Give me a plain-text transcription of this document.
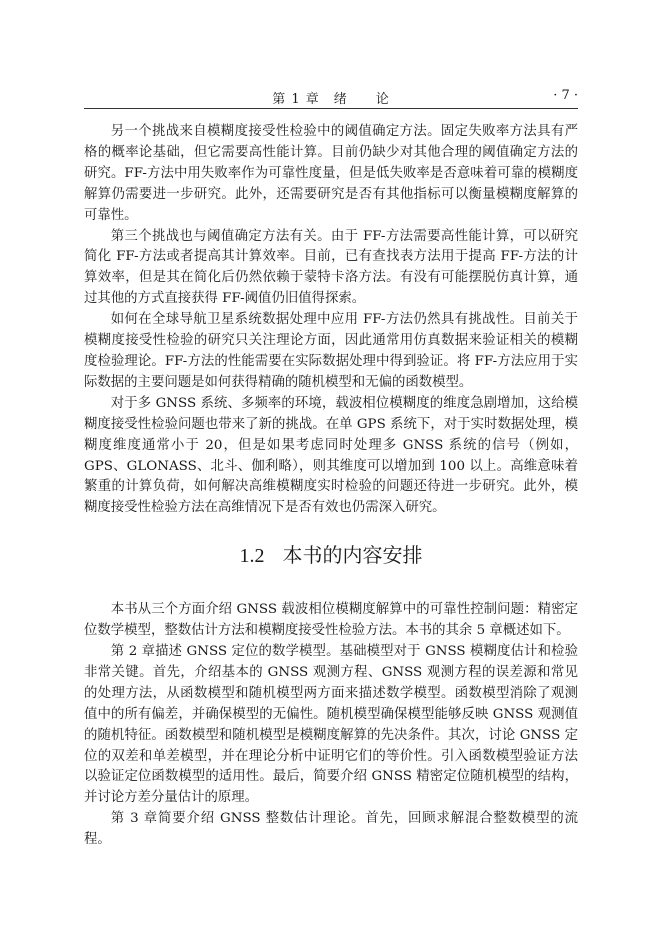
第 1 章　绪　　论	· 7 ·

另一个挑战来自模糊度接受性检验中的阈值确定方法。固定失败率方法具有严格的概率论基础，但它需要高性能计算。目前仍缺少对其他合理的阈值确定方法的研究。FF-方法中用失败率作为可靠性度量，但是低失败率是否意味着可靠的模糊度解算仍需要进一步研究。此外，还需要研究是否有其他指标可以衡量模糊度解算的可靠性。

第三个挑战也与阈值确定方法有关。由于 FF-方法需要高性能计算，可以研究简化 FF-方法或者提高其计算效率。目前，已有查找表方法用于提高 FF-方法的计算效率，但是其在简化后仍然依赖于蒙特卡洛方法。有没有可能摆脱仿真计算，通过其他的方式直接获得 FF-阈值仍旧值得探索。

如何在全球导航卫星系统数据处理中应用 FF-方法仍然具有挑战性。目前关于模糊度接受性检验的研究只关注理论方面，因此通常用仿真数据来验证相关的模糊度检验理论。FF-方法的性能需要在实际数据处理中得到验证。将 FF-方法应用于实际数据的主要问题是如何获得精确的随机模型和无偏的函数模型。

对于多 GNSS 系统、多频率的环境，载波相位模糊度的维度急剧增加，这给模糊度接受性检验问题也带来了新的挑战。在单 GPS 系统下，对于实时数据处理，模糊度维度通常小于 20，但是如果考虑同时处理多 GNSS 系统的信号（例如，GPS、GLONASS、北斗、伽利略），则其维度可以增加到 100 以上。高维意味着繁重的计算负荷，如何解决高维模糊度实时检验的问题还待进一步研究。此外，模糊度接受性检验方法在高维情况下是否有效也仍需深入研究。

1.2 本书的内容安排

本书从三个方面介绍 GNSS 载波相位模糊度解算中的可靠性控制问题：精密定位数学模型，整数估计方法和模糊度接受性检验方法。本书的其余 5 章概述如下。

第 2 章描述 GNSS 定位的数学模型。基础模型对于 GNSS 模糊度估计和检验非常关键。首先，介绍基本的 GNSS 观测方程、GNSS 观测方程的误差源和常见的处理方法，从函数模型和随机模型两方面来描述数学模型。函数模型消除了观测值中的所有偏差，并确保模型的无偏性。随机模型确保模型能够反映 GNSS 观测值的随机特征。函数模型和随机模型是模糊度解算的先决条件。其次，讨论 GNSS 定位的双差和单差模型，并在理论分析中证明它们的等价性。引入函数模型验证方法以验证定位函数模型的适用性。最后，简要介绍 GNSS 精密定位随机模型的结构，并讨论方差分量估计的原理。

第 3 章简要介绍 GNSS 整数估计理论。首先，回顾求解混合整数模型的流程。
